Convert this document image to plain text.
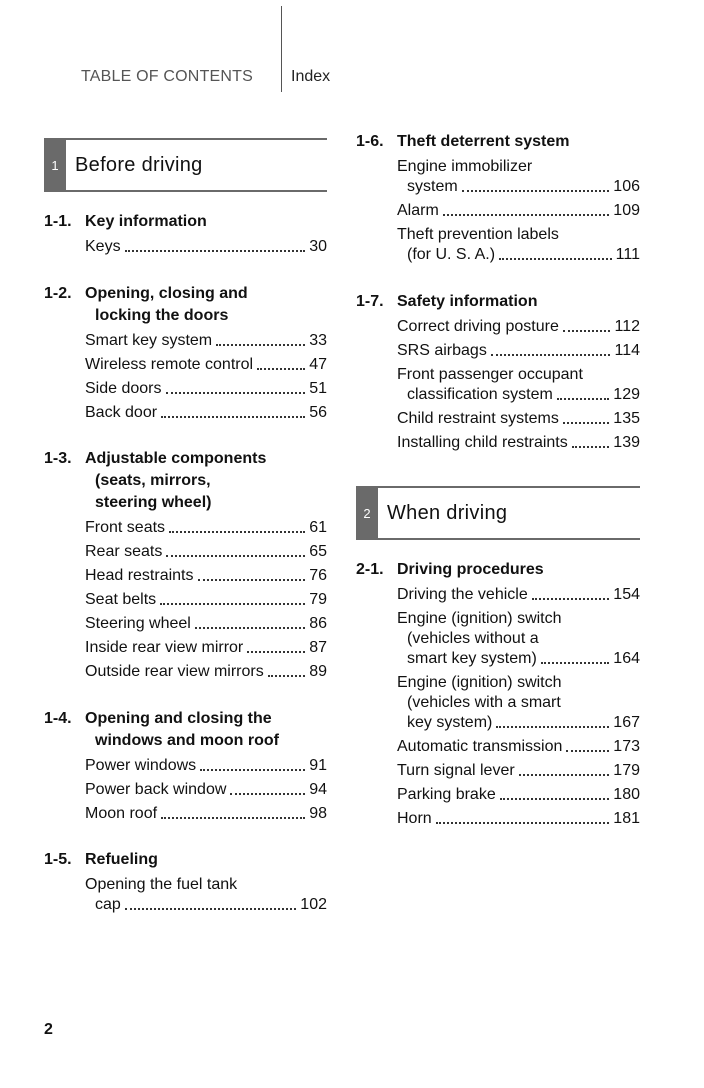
TABLE OF CONTENTS Index
1 Before driving
1-1. Key information
Keys	30
1-2. Opening, closing and
locking the doors
Smart key system	33
Wireless remote control	47
Side doors	51
Back door	56
1-3. Adjustable components
(seats, mirrors,
steering wheel)
Front seats	61
Rear seats	65
Head restraints	76
Seat belts	79
Steering wheel	86
Inside rear view mirror	87
Outside rear view mirrors	89
1-4. Opening and closing the
windows and moon roof
Power windows	91
Power back window	94
Moon roof	98
1-5. Refueling
Opening the fuel tank
cap	102
1-6. Theft deterrent system
Engine immobilizer
system	106
Alarm	109
Theft prevention labels
(for U. S. A.)	111
1-7. Safety information
Correct driving posture	112
SRS airbags	114
Front passenger occupant
classification system	129
Child restraint systems	135
Installing child restraints	139
2 When driving
2-1. Driving procedures
Driving the vehicle	154
Engine (ignition) switch
(vehicles without a
smart key system)	164
Engine (ignition) switch
(vehicles with a smart
key system)	167
Automatic transmission	173
Turn signal lever	179
Parking brake	180
Horn	181
2
